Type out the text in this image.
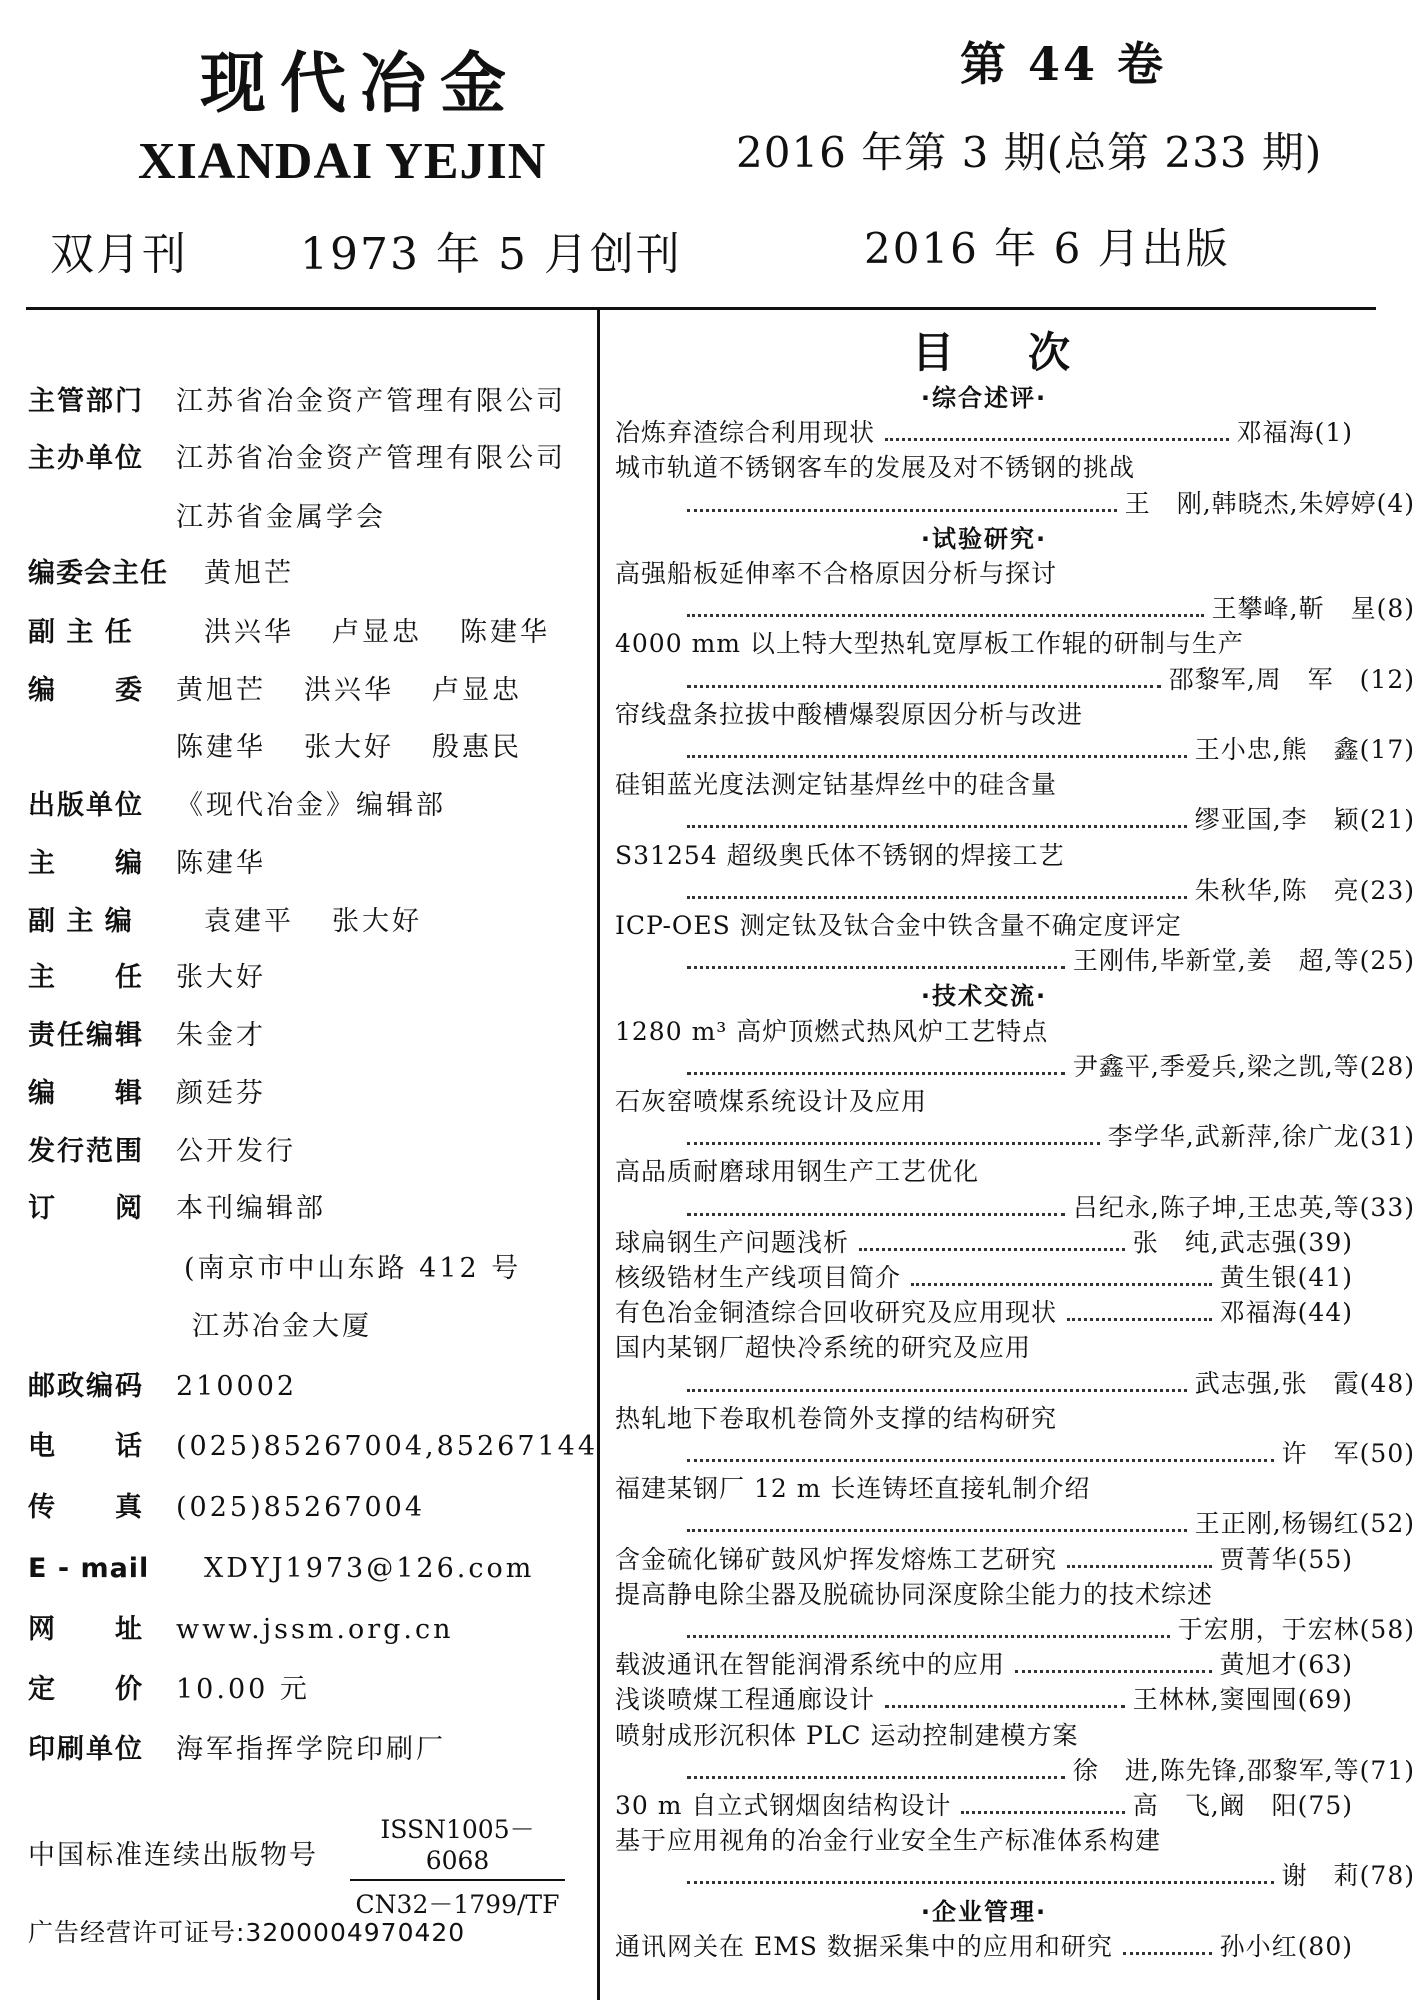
现代冶金
XIANDAI YEJIN
双月刊	1973 年 5 月创刊
第 44 卷
2016 年第 3 期(总第 233 期)
2016 年 6 月出版
主管部门 江苏省冶金资产管理有限公司
主办单位 江苏省冶金资产管理有限公司
江苏省金属学会
编委会主任 黄旭芒
副 主 任	洪兴华 卢显忠 陈建华
编　　委 黄旭芒 洪兴华 卢显忠
陈建华 张大好 殷惠民
出版单位 《现代冶金》编辑部
主　　编 陈建华
副 主 编	袁建平 张大好
主　　任 张大好
责任编辑 朱金才
编　　辑 颜廷芬
发行范围 公开发行
订　　阅 本刊编辑部
(南京市中山东路 412 号
江苏冶金大厦
邮政编码 210002
电　　话 (025)85267004,85267144
传　　真 (025)85267004
E - mail XDYJ1973@126.com
网　　址 www.jssm.org.cn
定　　价 10.00 元
印刷单位 海军指挥学院印刷厂
中国标准连续出版物号
ISSN1005－6068
CN32－1799/TF
广告经营许可证号:3200004970420
目次
·综合述评·
冶炼弃渣综合利用现状	邓福海(1)
城市轨道不锈钢客车的发展及对不锈钢的挑战
王　刚,韩晓杰,朱婷婷(4)
·试验研究·
高强船板延伸率不合格原因分析与探讨
王攀峰,靳　星(8)
4000 mm 以上特大型热轧宽厚板工作辊的研制与生产
邵黎军,周　军　(12)
帘线盘条拉拔中酸槽爆裂原因分析与改进
王小忠,熊　鑫(17)
硅钼蓝光度法测定钴基焊丝中的硅含量
缪亚国,李　颖(21)
S31254 超级奥氏体不锈钢的焊接工艺
朱秋华,陈　亮(23)
ICP-OES 测定钛及钛合金中铁含量不确定度评定
王刚伟,毕新堂,姜　超,等(25)
·技术交流·
1280 m³ 高炉顶燃式热风炉工艺特点
尹鑫平,季爱兵,梁之凯,等(28)
石灰窑喷煤系统设计及应用
李学华,武新萍,徐广龙(31)
高品质耐磨球用钢生产工艺优化
吕纪永,陈子坤,王忠英,等(33)
球扁钢生产问题浅析	张　纯,武志强(39)
核级锆材生产线项目简介	黄生银(41)
有色冶金铜渣综合回收研究及应用现状	邓福海(44)
国内某钢厂超快冷系统的研究及应用
武志强,张　霞(48)
热轧地下卷取机卷筒外支撑的结构研究
许　军(50)
福建某钢厂 12 m 长连铸坯直接轧制介绍
王正刚,杨锡红(52)
含金硫化锑矿鼓风炉挥发熔炼工艺研究	贾菁华(55)
提高静电除尘器及脱硫协同深度除尘能力的技术综述
于宏朋，于宏林(58)
载波通讯在智能润滑系统中的应用	黄旭才(63)
浅谈喷煤工程通廊设计	王林林,窦囤囤(69)
喷射成形沉积体 PLC 运动控制建模方案
徐　进,陈先锋,邵黎军,等(71)
30 m 自立式钢烟囱结构设计	高　飞,阚　阳(75)
基于应用视角的冶金行业安全生产标准体系构建
谢　莉(78)
·企业管理·
通讯网关在 EMS 数据采集中的应用和研究	孙小红(80)
